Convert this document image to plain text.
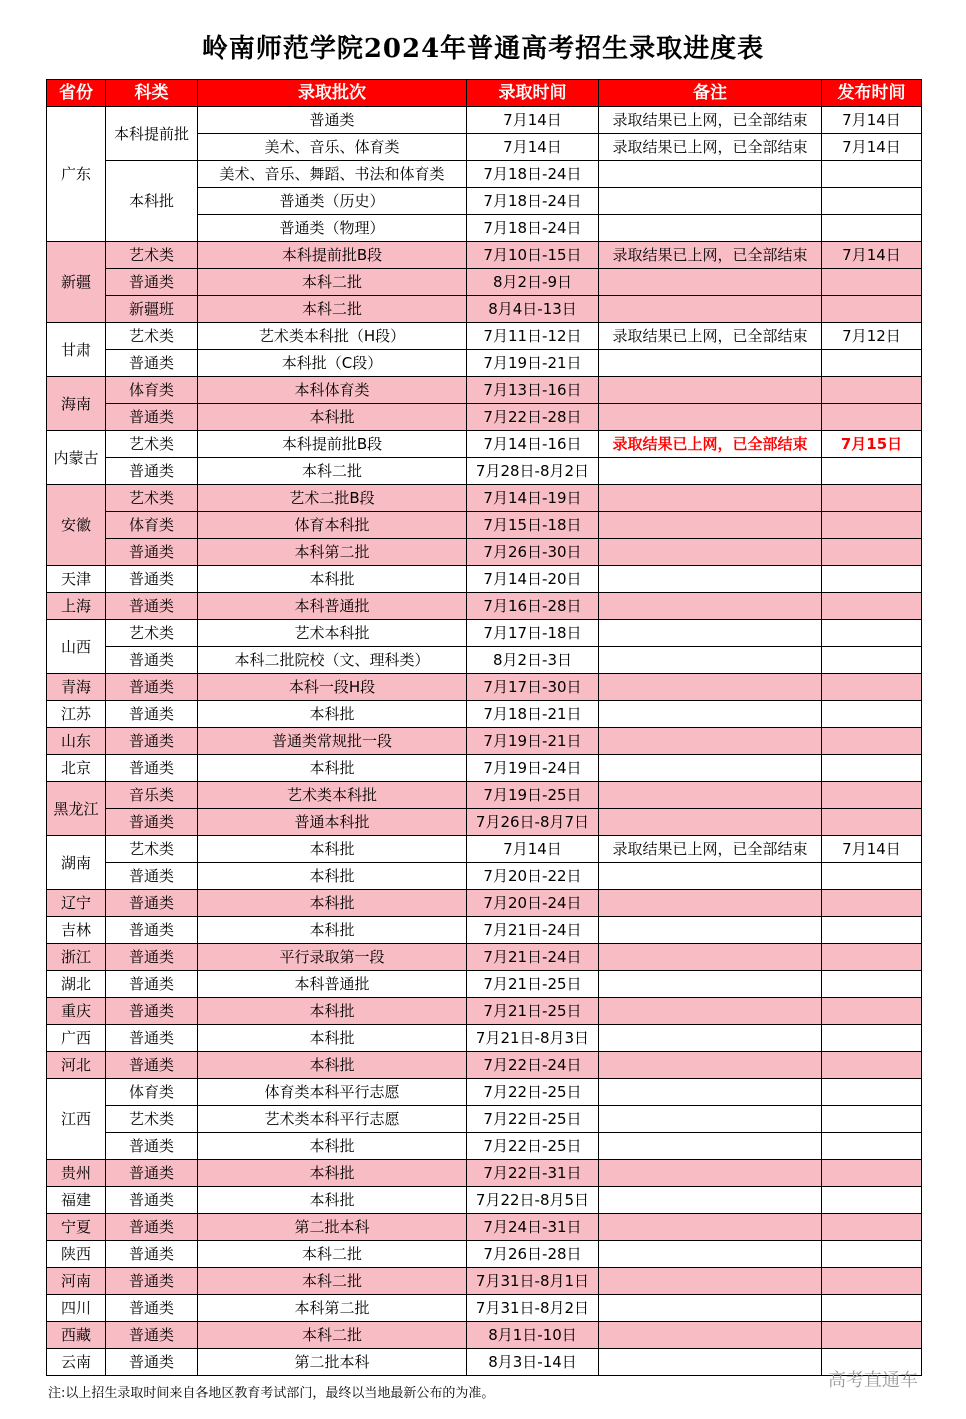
岭南师范学院2024年普通高考招生录取进度表
省份	科类	录取批次	录取时间	备注	发布时间
广东	本科提前批	普通类	7月14日	录取结果已上网，已全部结束	7月14日
		美术、音乐、体育类	7月14日	录取结果已上网，已全部结束	7月14日
	本科批	美术、音乐、舞蹈、书法和体育类	7月18日-24日		
		普通类（历史）	7月18日-24日		
		普通类（物理）	7月18日-24日		
新疆	艺术类	本科提前批B段	7月10日-15日	录取结果已上网，已全部结束	7月14日
	普通类	本科二批	8月2日-9日		
	新疆班	本科二批	8月4日-13日		
甘肃	艺术类	艺术类本科批（H段）	7月11日-12日	录取结果已上网，已全部结束	7月12日
	普通类	本科批（C段）	7月19日-21日		
海南	体育类	本科体育类	7月13日-16日		
	普通类	本科批	7月22日-28日		
内蒙古	艺术类	本科提前批B段	7月14日-16日	录取结果已上网，已全部结束	7月15日
	普通类	本科二批	7月28日-8月2日		
安徽	艺术类	艺术二批B段	7月14日-19日		
	体育类	体育本科批	7月15日-18日		
	普通类	本科第二批	7月26日-30日		
天津	普通类	本科批	7月14日-20日		
上海	普通类	本科普通批	7月16日-28日		
山西	艺术类	艺术本科批	7月17日-18日		
	普通类	本科二批院校（文、理科类）	8月2日-3日		
青海	普通类	本科一段H段	7月17日-30日		
江苏	普通类	本科批	7月18日-21日		
山东	普通类	普通类常规批一段	7月19日-21日		
北京	普通类	本科批	7月19日-24日		
黑龙江	音乐类	艺术类本科批	7月19日-25日		
	普通类	普通本科批	7月26日-8月7日		
湖南	艺术类	本科批	7月14日	录取结果已上网，已全部结束	7月14日
	普通类	本科批	7月20日-22日		
辽宁	普通类	本科批	7月20日-24日		
吉林	普通类	本科批	7月21日-24日		
浙江	普通类	平行录取第一段	7月21日-24日		
湖北	普通类	本科普通批	7月21日-25日		
重庆	普通类	本科批	7月21日-25日		
广西	普通类	本科批	7月21日-8月3日		
河北	普通类	本科批	7月22日-24日		
江西	体育类	体育类本科平行志愿	7月22日-25日		
	艺术类	艺术类本科平行志愿	7月22日-25日		
	普通类	本科批	7月22日-25日		
贵州	普通类	本科批	7月22日-31日		
福建	普通类	本科批	7月22日-8月5日		
宁夏	普通类	第二批本科	7月24日-31日		
陕西	普通类	本科二批	7月26日-28日		
河南	普通类	本科二批	7月31日-8月1日		
四川	普通类	本科第二批	7月31日-8月2日		
西藏	普通类	本科二批	8月1日-10日		
云南	普通类	第二批本科	8月3日-14日		
注:以上招生录取时间来自各地区教育考试部门，最终以当地最新公布的为准。
高考直通车
